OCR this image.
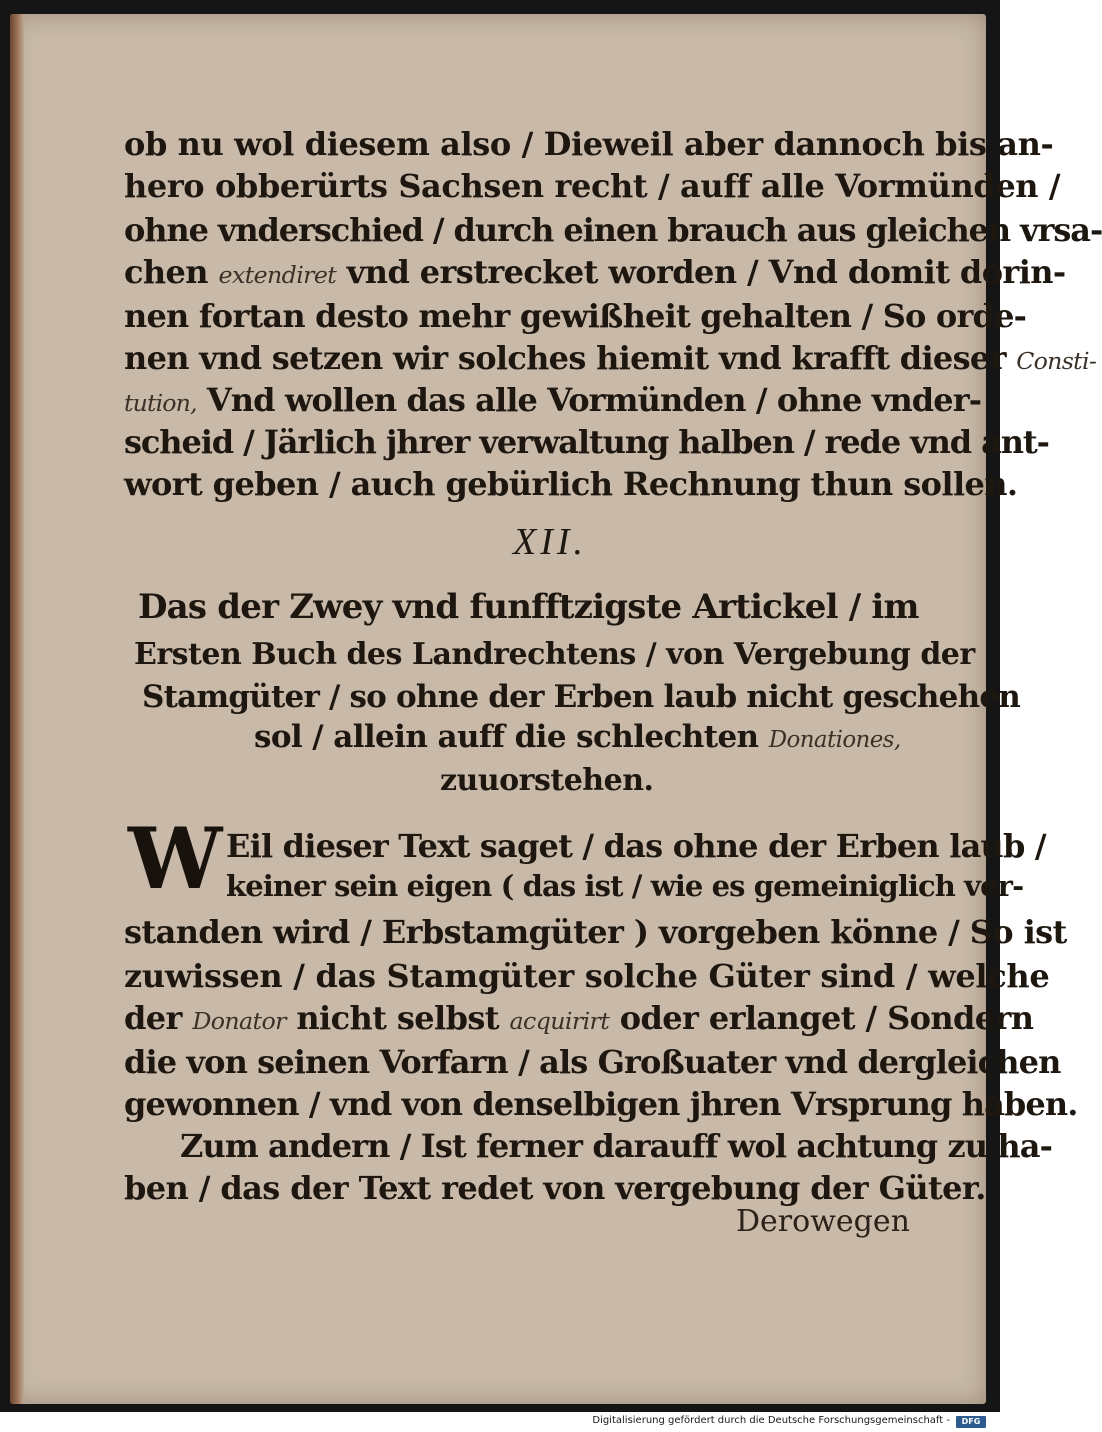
ob nu wol diesem also / Dieweil aber dannoch bis an-

hero obberürts Sachsen recht / auff alle Vormünden /

ohne vnderschied / durch einen brauch aus gleichen vrsa-

chen extendiret vnd erstrecket worden / Vnd domit dorin-

nen fortan desto mehr gewißheit gehalten / So orde-

nen vnd setzen wir solches hiemit vnd krafft dieser Consti-

tution, Vnd wollen das alle Vormünden / ohne vnder-

scheid / Järlich jhrer verwaltung halben / rede vnd ant-

wort geben / auch gebürlich Rechnung thun sollen.

XII.

Das der Zwey vnd funfftzigste Artickel / im

Ersten Buch des Landrechtens / von Vergebung der

Stamgüter / so ohne der Erben laub nicht geschehen

sol / allein auff die schlechten Donationes,

zuuorstehen.

W Eil dieser Text saget / das ohne der Erben laub /

keiner sein eigen ( das ist / wie es gemeiniglich ver-

standen wird / Erbstamgüter ) vorgeben könne / So ist

zuwissen / das Stamgüter solche Güter sind / welche

der Donator nicht selbst acquirirt oder erlanget / Sondern

die von seinen Vorfarn / als Großuater vnd dergleichen

gewonnen / vnd von denselbigen jhren Vrsprung haben.

Zum andern / Ist ferner darauff wol achtung zu ha-

ben / das der Text redet von vergebung der Güter.

Derowegen

Digitalisierung gefördert durch die Deutsche Forschungsgemeinschaft -	DFG
